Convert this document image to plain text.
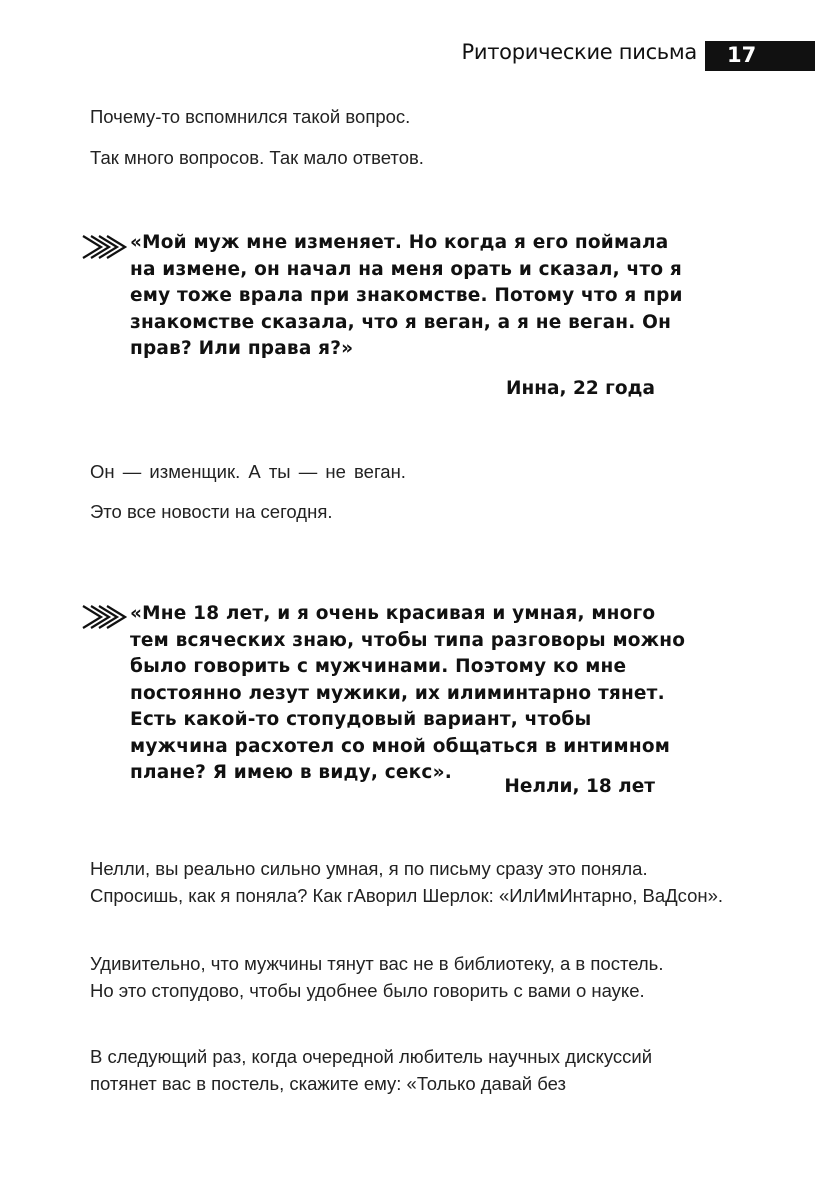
Риторические письма 17

Почему-то вспомнился такой вопрос.

Так много вопросов. Так мало ответов.

«Мой муж мне изменяет. Но когда я его поймала на измене, он начал на меня орать и сказал, что я ему тоже врала при знакомстве. Потому что я при знакомстве сказала, что я веган, а я не веган. Он прав? Или права я?»

Инна, 22 года

Он — изменщик. А ты — не веган.

Это все новости на сегодня.

«Мне 18 лет, и я очень красивая и умная, много тем всяческих знаю, чтобы типа разговоры можно было говорить с мужчинами. Поэтому ко мне постоянно лезут мужики, их илиминтарно тянет. Есть какой-то стопудовый вариант, чтобы мужчина расхотел со мной общаться в интимном плане? Я имею в виду, секс».

Нелли, 18 лет

Нелли, вы реально сильно умная, я по письму сразу это поняла. Спросишь, как я поняла? Как гАворил Шерлок: «ИлИмИнтарно, ВаДсон».

Удивительно, что мужчины тянут вас не в библиотеку, а в постель. Но это стопудово, чтобы удобнее было говорить с вами о науке.

В следующий раз, когда очередной любитель научных дискуссий потянет вас в постель, скажите ему: «Только давай без
